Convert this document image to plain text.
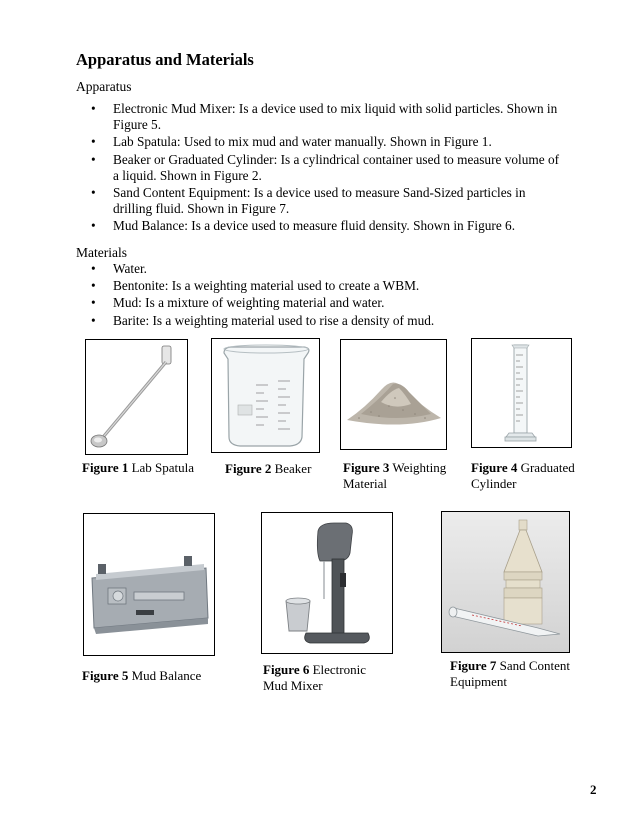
Apparatus and Materials
Apparatus
• Electronic Mud Mixer: Is a device used to mix liquid with solid particles. Shown in Figure 5.
• Lab Spatula: Used to mix mud and water manually. Shown in Figure 1.
• Beaker or Graduated Cylinder: Is a cylindrical container used to measure volume of a liquid. Shown in Figure 2.
• Sand Content Equipment: Is a device used to measure Sand-Sized particles in drilling fluid. Shown in Figure 7.
• Mud Balance: Is a device used to measure fluid density. Shown in Figure 6.
Materials
• Water.
• Bentonite: Is a weighting material used to create a WBM.
• Mud: Is a mixture of weighting material and water.
• Barite: Is a weighting material used to rise a density of mud.
Figure 1 Lab Spatula	Figure 2 Beaker	Figure 3 Weighting Material
Figure 4 Graduated Cylinder
Figure 5 Mud Balance	Figure 6 Electronic Mud Mixer
Figure 7 Sand Content Equipment
2
